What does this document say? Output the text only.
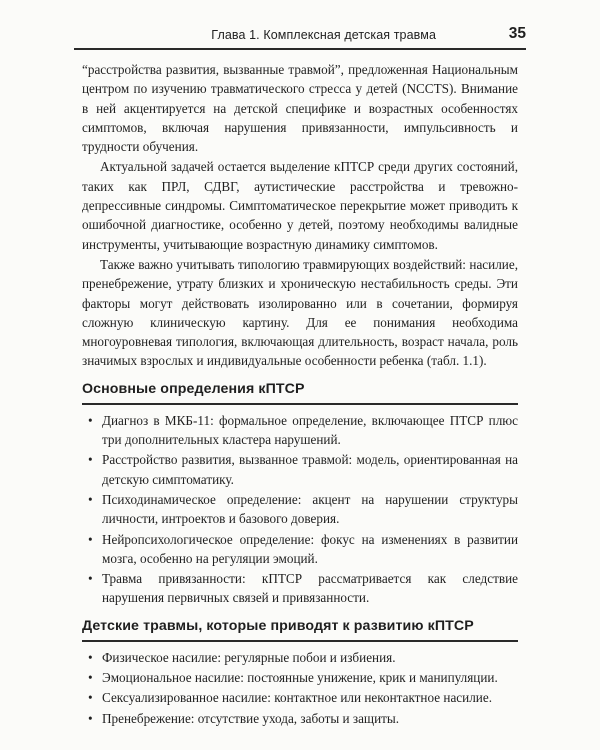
Глава 1. Комплексная детская травма	35

“расстройства развития, вызванные травмой”, предложенная Национальным центром по изучению травматического стресса у детей (NCCTS). Внимание в ней акцентируется на детской специфике и возрастных особенностях симптомов, включая нарушения привязанности, импульсивность и трудности обучения.

Актуальной задачей остается выделение кПТСР среди других состояний, таких как ПРЛ, СДВГ, аутистические расстройства и тревожно-депрессивные синдромы. Симптоматическое перекрытие может приводить к ошибочной диагностике, особенно у детей, поэтому необходимы валидные инструменты, учитывающие возрастную динамику симптомов.

Также важно учитывать типологию травмирующих воздействий: насилие, пренебрежение, утрату близких и хроническую нестабильность среды. Эти факторы могут действовать изолированно или в сочетании, формируя сложную клиническую картину. Для ее понимания необходима многоуровневая типология, включающая длительность, возраст начала, роль значимых взрослых и индивидуальные особенности ребенка (табл. 1.1).

Основные определения кПТСР
• Диагноз в МКБ-11: формальное определение, включающее ПТСР плюс три дополнительных кластера нарушений.
• Расстройство развития, вызванное травмой: модель, ориентированная на детскую симптоматику.
• Психодинамическое определение: акцент на нарушении структуры личности, интроектов и базового доверия.
• Нейропсихологическое определение: фокус на изменениях в развитии мозга, особенно на регуляции эмоций.
• Травма привязанности: кПТСР рассматривается как следствие нарушения первичных связей и привязанности.
Детские травмы, которые приводят к развитию кПТСР
• Физическое насилие: регулярные побои и избиения.
• Эмоциональное насилие: постоянные унижение, крик и манипуляции.
• Сексуализированное насилие: контактное или неконтактное насилие.
• Пренебрежение: отсутствие ухода, заботы и защиты.
